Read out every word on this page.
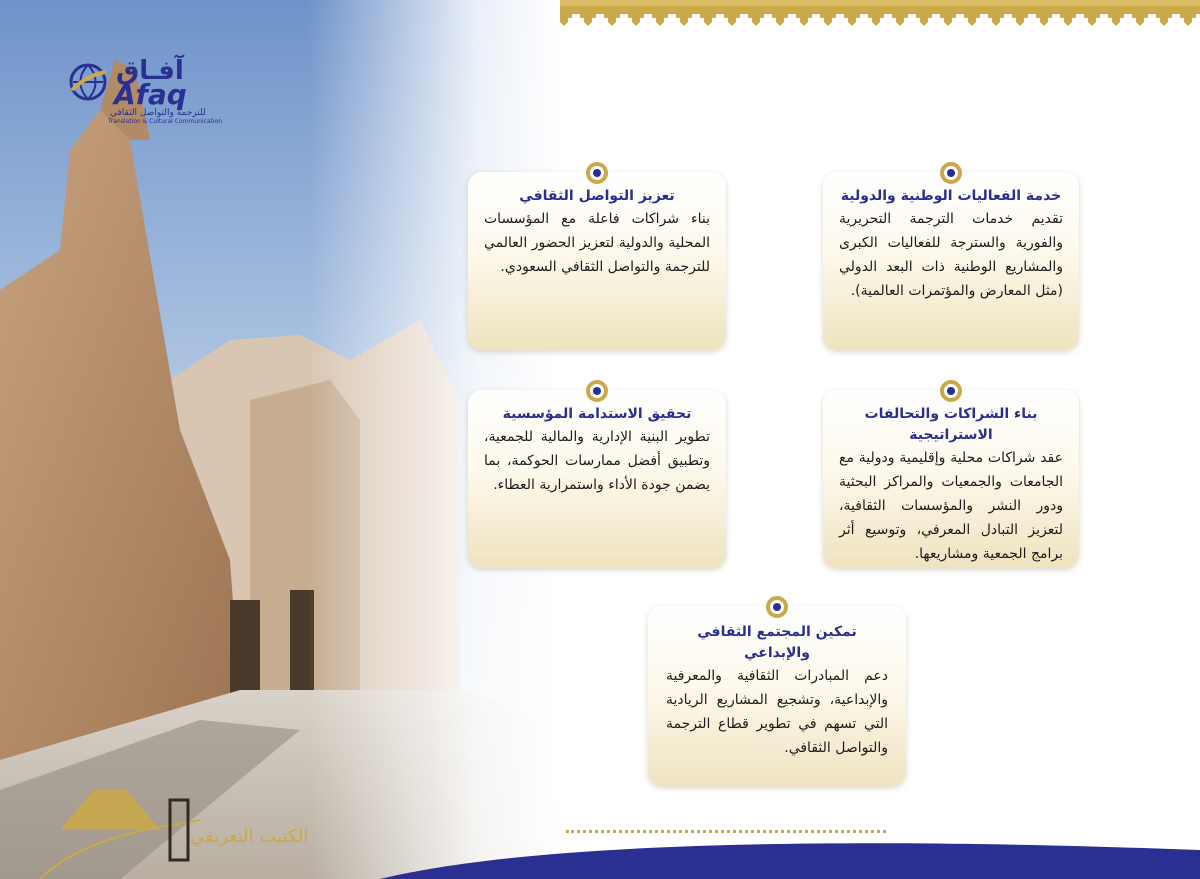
آفـاق
Afaq
للترجمة والتواصل الثقافي
Translation & Cultural Communication
خدمة الفعاليات الوطنية والدولية

تقديم خدمات الترجمة التحريرية والفورية والسترجة للفعاليات الكبرى والمشاريع الوطنية ذات البعد الدولي (مثل المعارض والمؤتمرات العالمية).

تعزيز التواصل الثقافي

بناء شراكات فاعلة مع المؤسسات المحلية والدولية لتعزيز الحضور العالمي للترجمة والتواصل الثقافي السعودي.

بناء الشراكات والتحالفات الاستراتيجية

عقد شراكات محلية وإقليمية ودولية مع الجامعات والجمعيات والمراكز البحثية ودور النشر والمؤسسات الثقافية، لتعزيز التبادل المعرفي، وتوسيع أثر برامج الجمعية ومشاريعها.

تحقيق الاستدامة المؤسسية

تطوير البنية الإدارية والمالية للجمعية، وتطبيق أفضل ممارسات الحوكمة، بما يضمن جودة الأداء واستمرارية العطاء.

تمكين المجتمع الثقافي والإبداعي

دعم المبادرات الثقافية والمعرفية والإبداعية، وتشجيع المشاريع الريادية التي تسهم في تطوير قطاع الترجمة والتواصل الثقافي.

الكتيب التعريفي
